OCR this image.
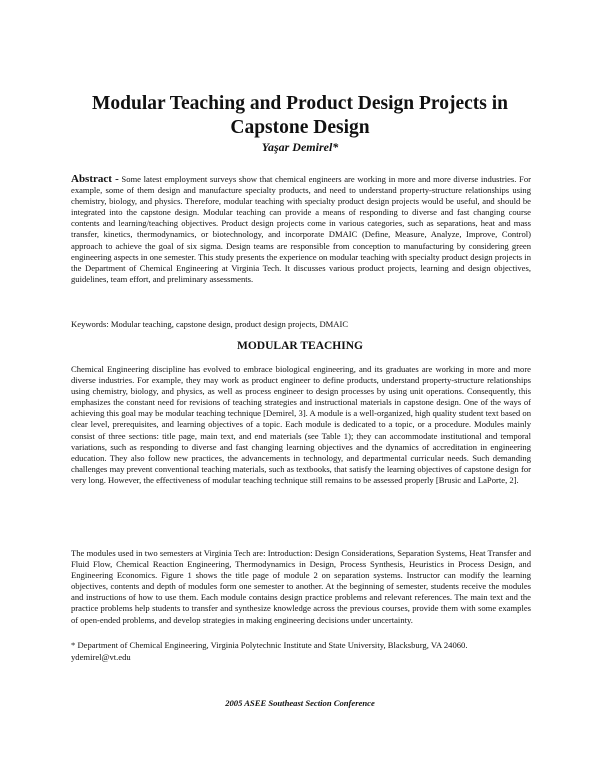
Modular Teaching and Product Design Projects in Capstone Design
Yaşar Demirel*

Abstract - Some latest employment surveys show that chemical engineers are working in more and more diverse industries. For example, some of them design and manufacture specialty products, and need to understand property-structure relationships using chemistry, biology, and physics. Therefore, modular teaching with specialty product design projects would be useful, and should be integrated into the capstone design. Modular teaching can provide a means of responding to diverse and fast changing course contents and learning/teaching objectives. Product design projects come in various categories, such as separations, heat and mass transfer, kinetics, thermodynamics, or biotechnology, and incorporate DMAIC (Define, Measure, Analyze, Improve, Control) approach to achieve the goal of six sigma. Design teams are responsible from conception to manufacturing by considering green engineering aspects in one semester. This study presents the experience on modular teaching with specialty product design projects in the Department of Chemical Engineering at Virginia Tech. It discusses various product projects, learning and design objectives, guidelines, team effort, and preliminary assessments.

Keywords: Modular teaching, capstone design, product design projects, DMAIC

MODULAR TEACHING

Chemical Engineering discipline has evolved to embrace biological engineering, and its graduates are working in more and more diverse industries. For example, they may work as product engineer to define products, understand property-structure relationships using chemistry, biology, and physics, as well as process engineer to design processes by using unit operations. Consequently, this emphasizes the constant need for revisions of teaching strategies and instructional materials in capstone design. One of the ways of achieving this goal may be modular teaching technique [Demirel, 3]. A module is a well-organized, high quality student text based on clear level, prerequisites, and learning objectives of a topic. Each module is dedicated to a topic, or a procedure. Modules mainly consist of three sections: title page, main text, and end materials (see Table 1); they can accommodate institutional and temporal variations, such as responding to diverse and fast changing learning objectives and the dynamics of accreditation in engineering education. They also follow new practices, the advancements in technology, and departmental curricular needs. Such demanding challenges may prevent conventional teaching materials, such as textbooks, that satisfy the learning objectives of capstone design for very long. However, the effectiveness of modular teaching technique still remains to be assessed properly [Brusic and LaPorte, 2].

The modules used in two semesters at Virginia Tech are: Introduction: Design Considerations, Separation Systems, Heat Transfer and Fluid Flow, Chemical Reaction Engineering, Thermodynamics in Design, Process Synthesis, Heuristics in Process Design, and Engineering Economics. Figure 1 shows the title page of module 2 on separation systems. Instructor can modify the learning objectives, contents and depth of modules form one semester to another. At the beginning of semester, students receive the modules and instructions of how to use them. Each module contains design practice problems and relevant references. The main text and the practice problems help students to transfer and synthesize knowledge across the previous courses, provide them with some examples of open-ended problems, and develop strategies in making engineering decisions under uncertainty.

* Department of Chemical Engineering, Virginia Polytechnic Institute and State University, Blacksburg, VA 24060.
ydemirel@vt.edu

2005 ASEE Southeast Section Conference
